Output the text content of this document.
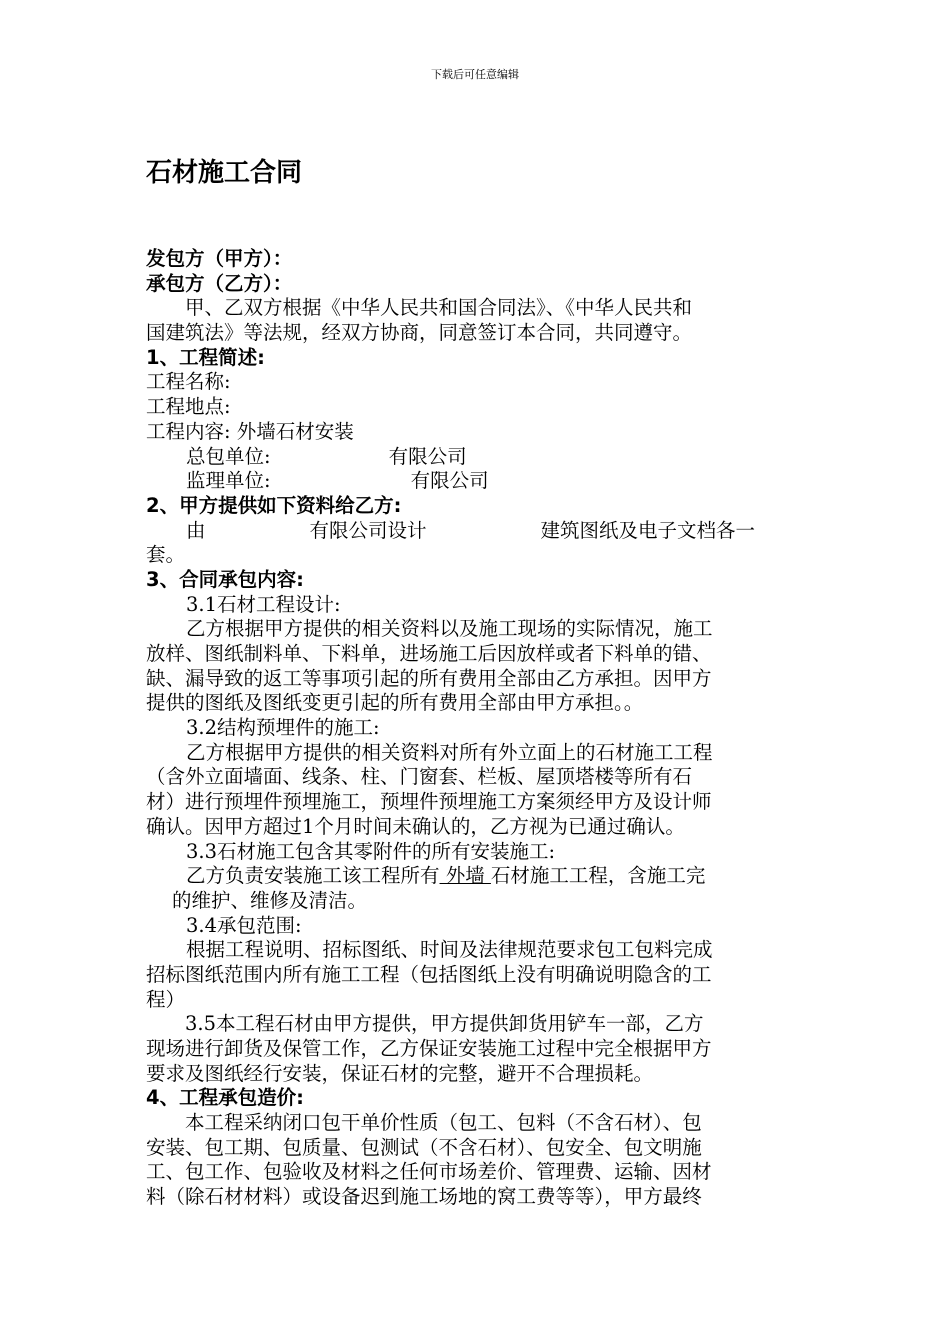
下载后可任意编辑
石材施工合同
发包方（甲方）：
承包方（乙方）：
　　甲、乙双方根据《中华人民共和国合同法》、《中华人民共和
国建筑法》等法规，经双方协商，同意签订本合同，共同遵守。
1、工程简述:
工程名称:
工程地点:
工程内容: 外墙石材安装
总包单位:	有限公司
监理单位:	有限公司
2、甲方提供如下资料给乙方:
由	有限公司设计	建筑图纸及电子文档各一
套。
3、合同承包内容:
3.1石材工程设计:
乙方根据甲方提供的相关资料以及施工现场的实际情况，施工
放样、图纸制料单、下料单，进场施工后因放样或者下料单的错、
缺、漏导致的返工等事项引起的所有费用全部由乙方承担。因甲方
提供的图纸及图纸变更引起的所有费用全部由甲方承担。。
3.2结构预埋件的施工:
乙方根据甲方提供的相关资料对所有外立面上的石材施工工程
（含外立面墙面、线条、柱、门窗套、栏板、屋顶塔楼等所有石
材）进行预埋件预埋施工，预埋件预埋施工方案须经甲方及设计师
确认。因甲方超过1个月时间未确认的，乙方视为已通过确认。
3.3石材施工包含其零附件的所有安装施工:
乙方负责安装施工该工程所有 外墙 石材施工工程，含施工完
的维护、维修及清洁。
3.4承包范围:
根据工程说明、招标图纸、时间及法律规范要求包工包料完成
招标图纸范围内所有施工工程（包括图纸上没有明确说明隐含的工
程）
　　3.5本工程石材由甲方提供，甲方提供卸货用铲车一部，乙方
现场进行卸货及保管工作，乙方保证安装施工过程中完全根据甲方
要求及图纸经行安装，保证石材的完整，避开不合理损耗。
4、工程承包造价:
　　本工程采纳闭口包干单价性质（包工、包料（不含石材）、包
安装、包工期、包质量、包测试（不含石材）、包安全、包文明施
工、包工作、包验收及材料之任何市场差价、管理费、运输、因材
料（除石材材料）或设备迟到施工场地的窝工费等等），甲方最终
